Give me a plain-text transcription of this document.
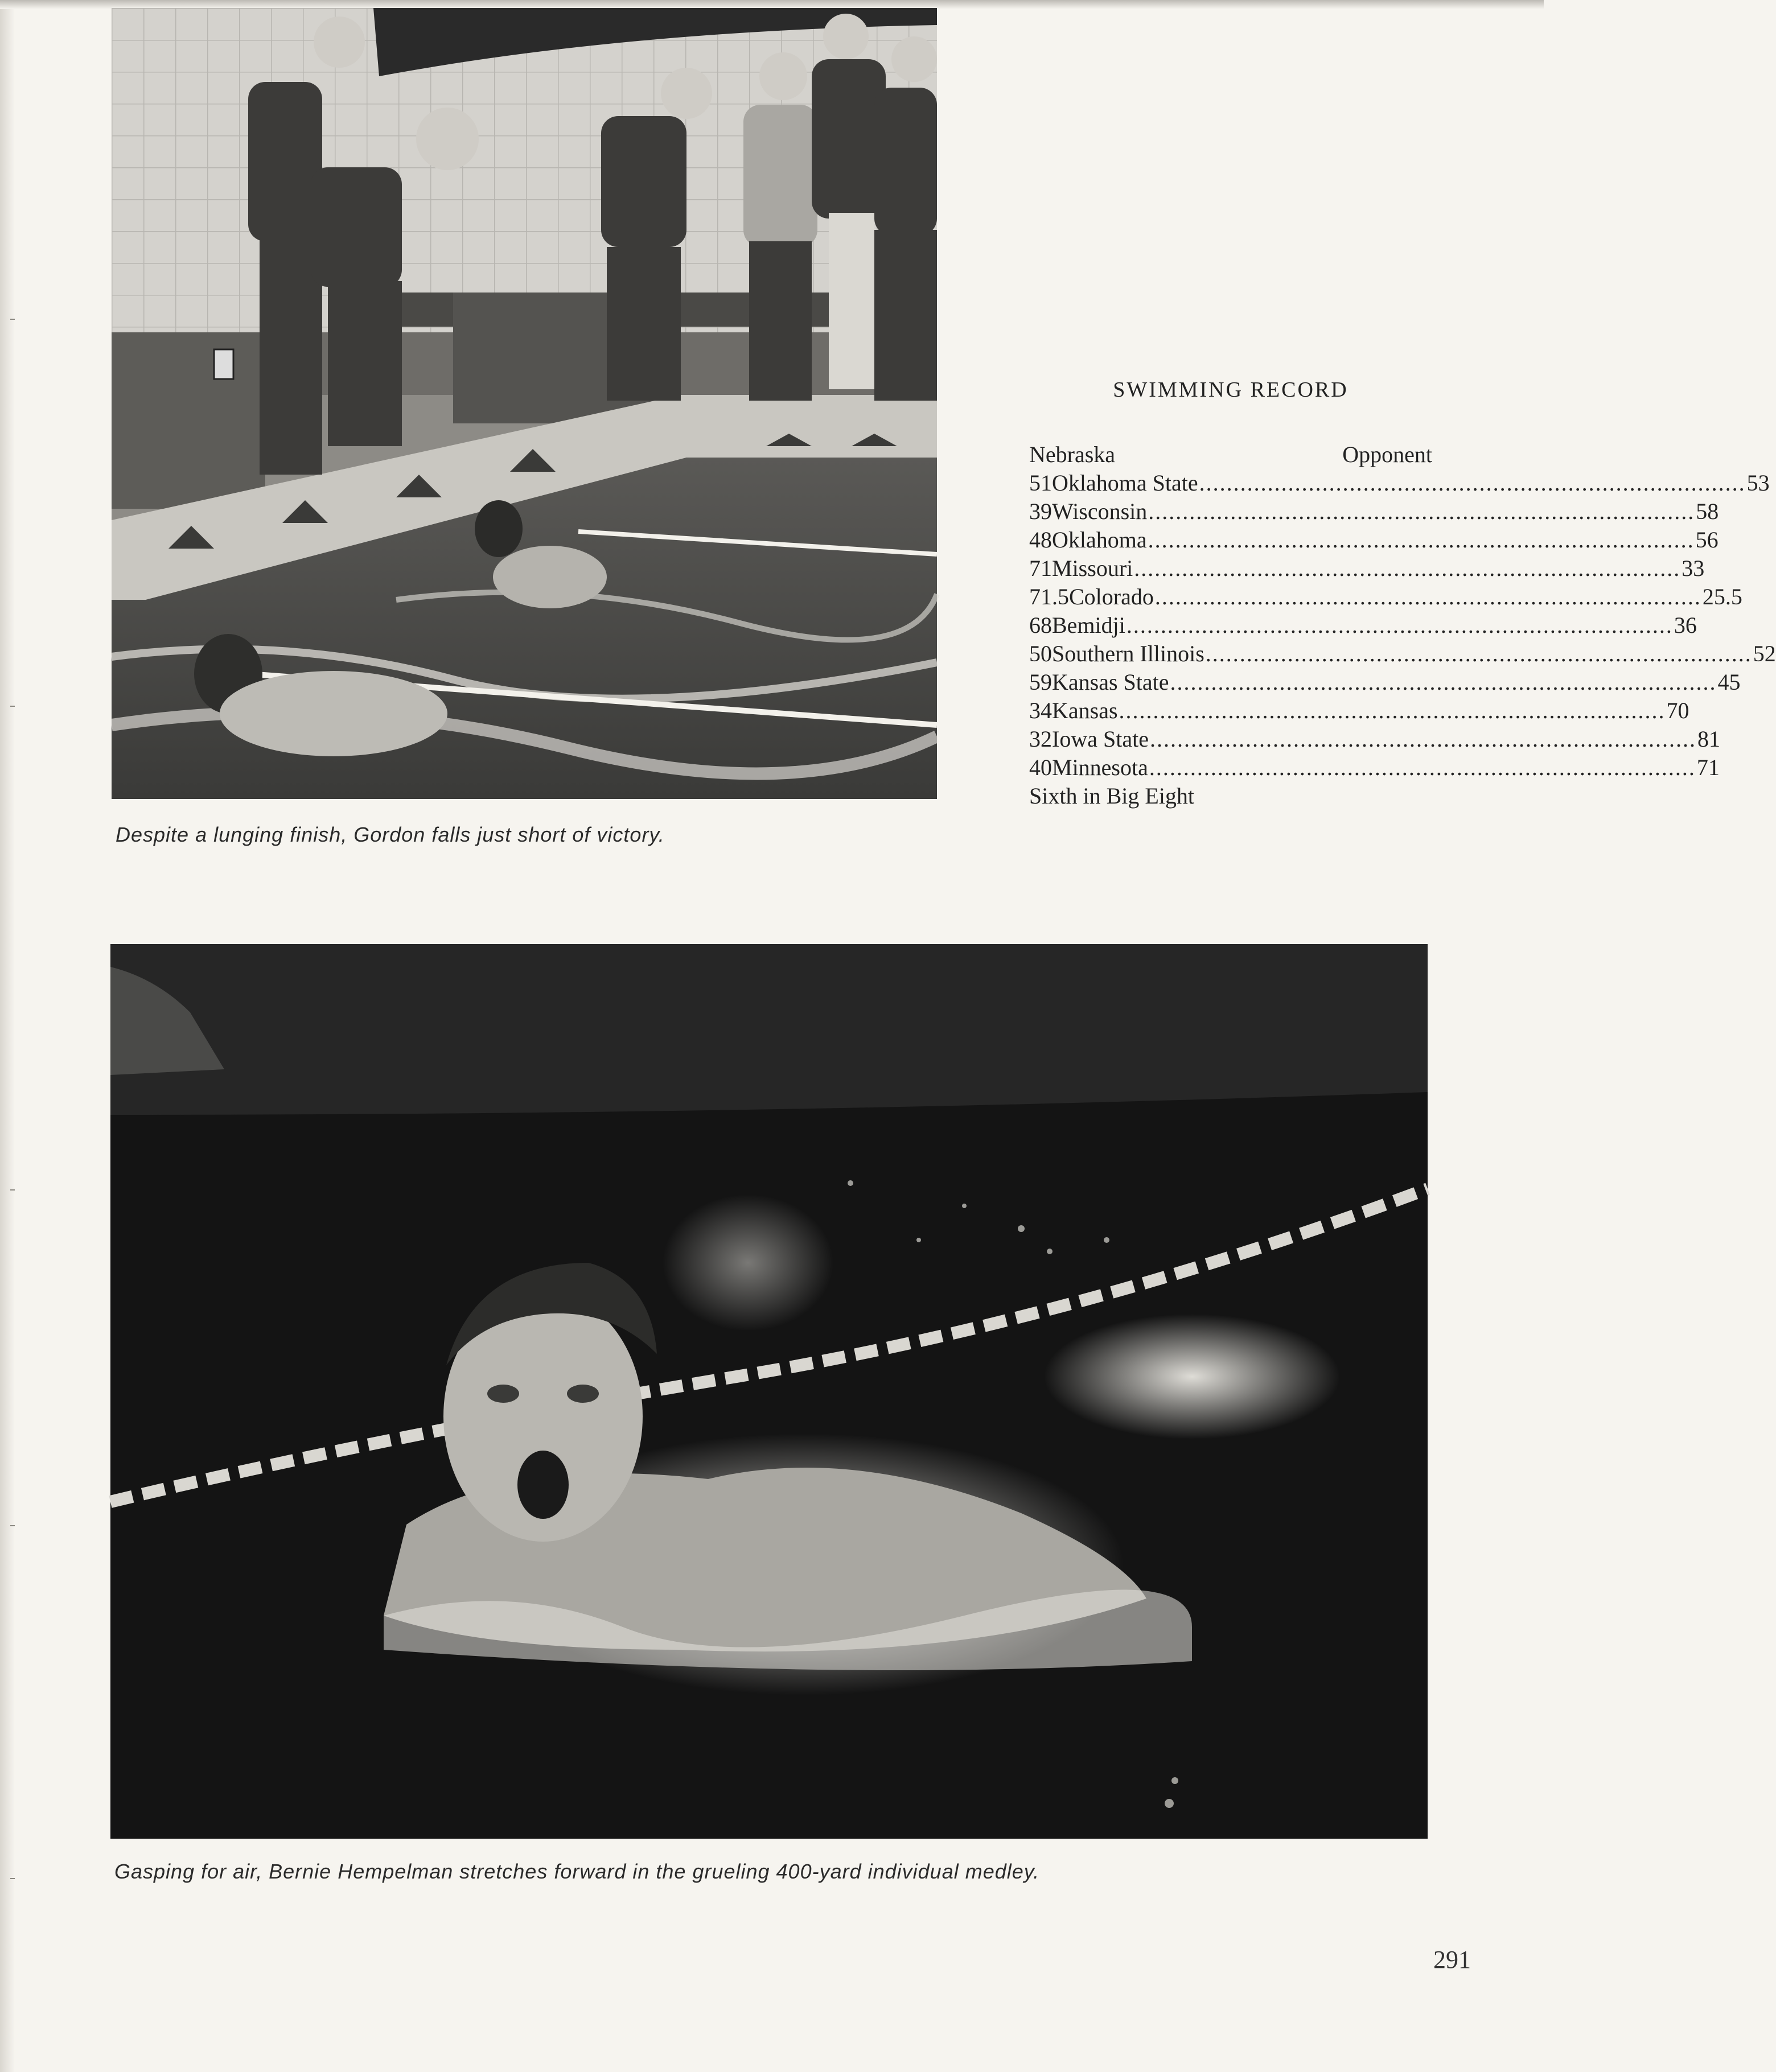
Despite a lunging finish, Gordon falls just short of victory.
SWIMMING RECORD
Nebraska	Opponent
51 Oklahoma State ................................................................................ 53
39 Wisconsin ................................................................................ 58
48 Oklahoma ................................................................................ 56
71 Missouri ................................................................................ 33
71.5 Colorado ................................................................................ 25.5
68 Bemidji ................................................................................ 36
50 Southern Illinois ................................................................................ 52
59 Kansas State ................................................................................ 45
34 Kansas ................................................................................ 70
32 Iowa State ................................................................................ 81
40 Minnesota ................................................................................ 71
Sixth in Big Eight
Gasping for air, Bernie Hempelman stretches forward in the grueling 400-yard individual medley.
291
